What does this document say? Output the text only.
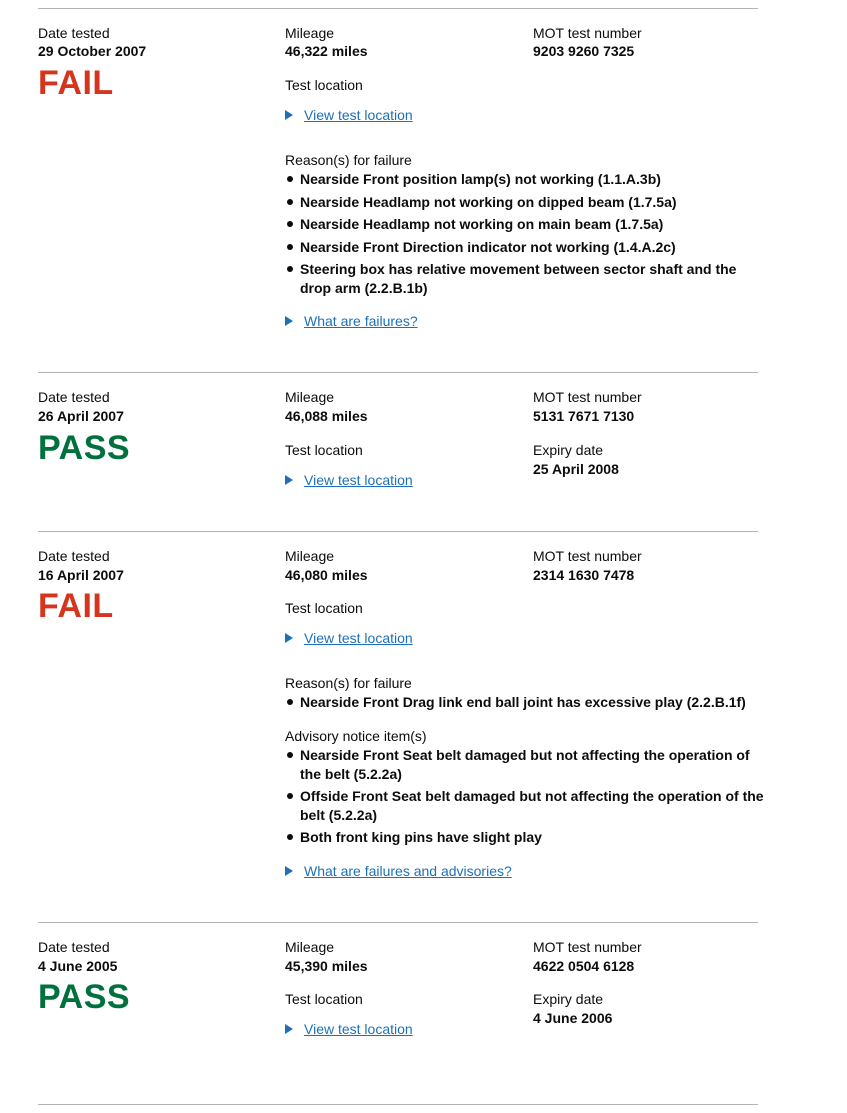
Date tested
29 October 2007
FAIL
Mileage
46,322 miles
MOT test number
9203 9260 7325
Test location
View test location
Reason(s) for failure
Nearside Front position lamp(s) not working (1.1.A.3b)
Nearside Headlamp not working on dipped beam (1.7.5a)
Nearside Headlamp not working on main beam (1.7.5a)
Nearside Front Direction indicator not working (1.4.A.2c)
Steering box has relative movement between sector shaft and the drop arm (2.2.B.1b)
What are failures?
Date tested
26 April 2007
PASS
Mileage
46,088 miles
MOT test number
5131 7671 7130
Test location
View test location
Expiry date
25 April 2008
Date tested
16 April 2007
FAIL
Mileage
46,080 miles
MOT test number
2314 1630 7478
Test location
View test location
Reason(s) for failure
Nearside Front Drag link end ball joint has excessive play (2.2.B.1f)
Advisory notice item(s)
Nearside Front Seat belt damaged but not affecting the operation of the belt (5.2.2a)
Offside Front Seat belt damaged but not affecting the operation of the belt (5.2.2a)
Both front king pins have slight play
What are failures and advisories?
Date tested
4 June 2005
PASS
Mileage
45,390 miles
MOT test number
4622 0504 6128
Test location
View test location
Expiry date
4 June 2006
